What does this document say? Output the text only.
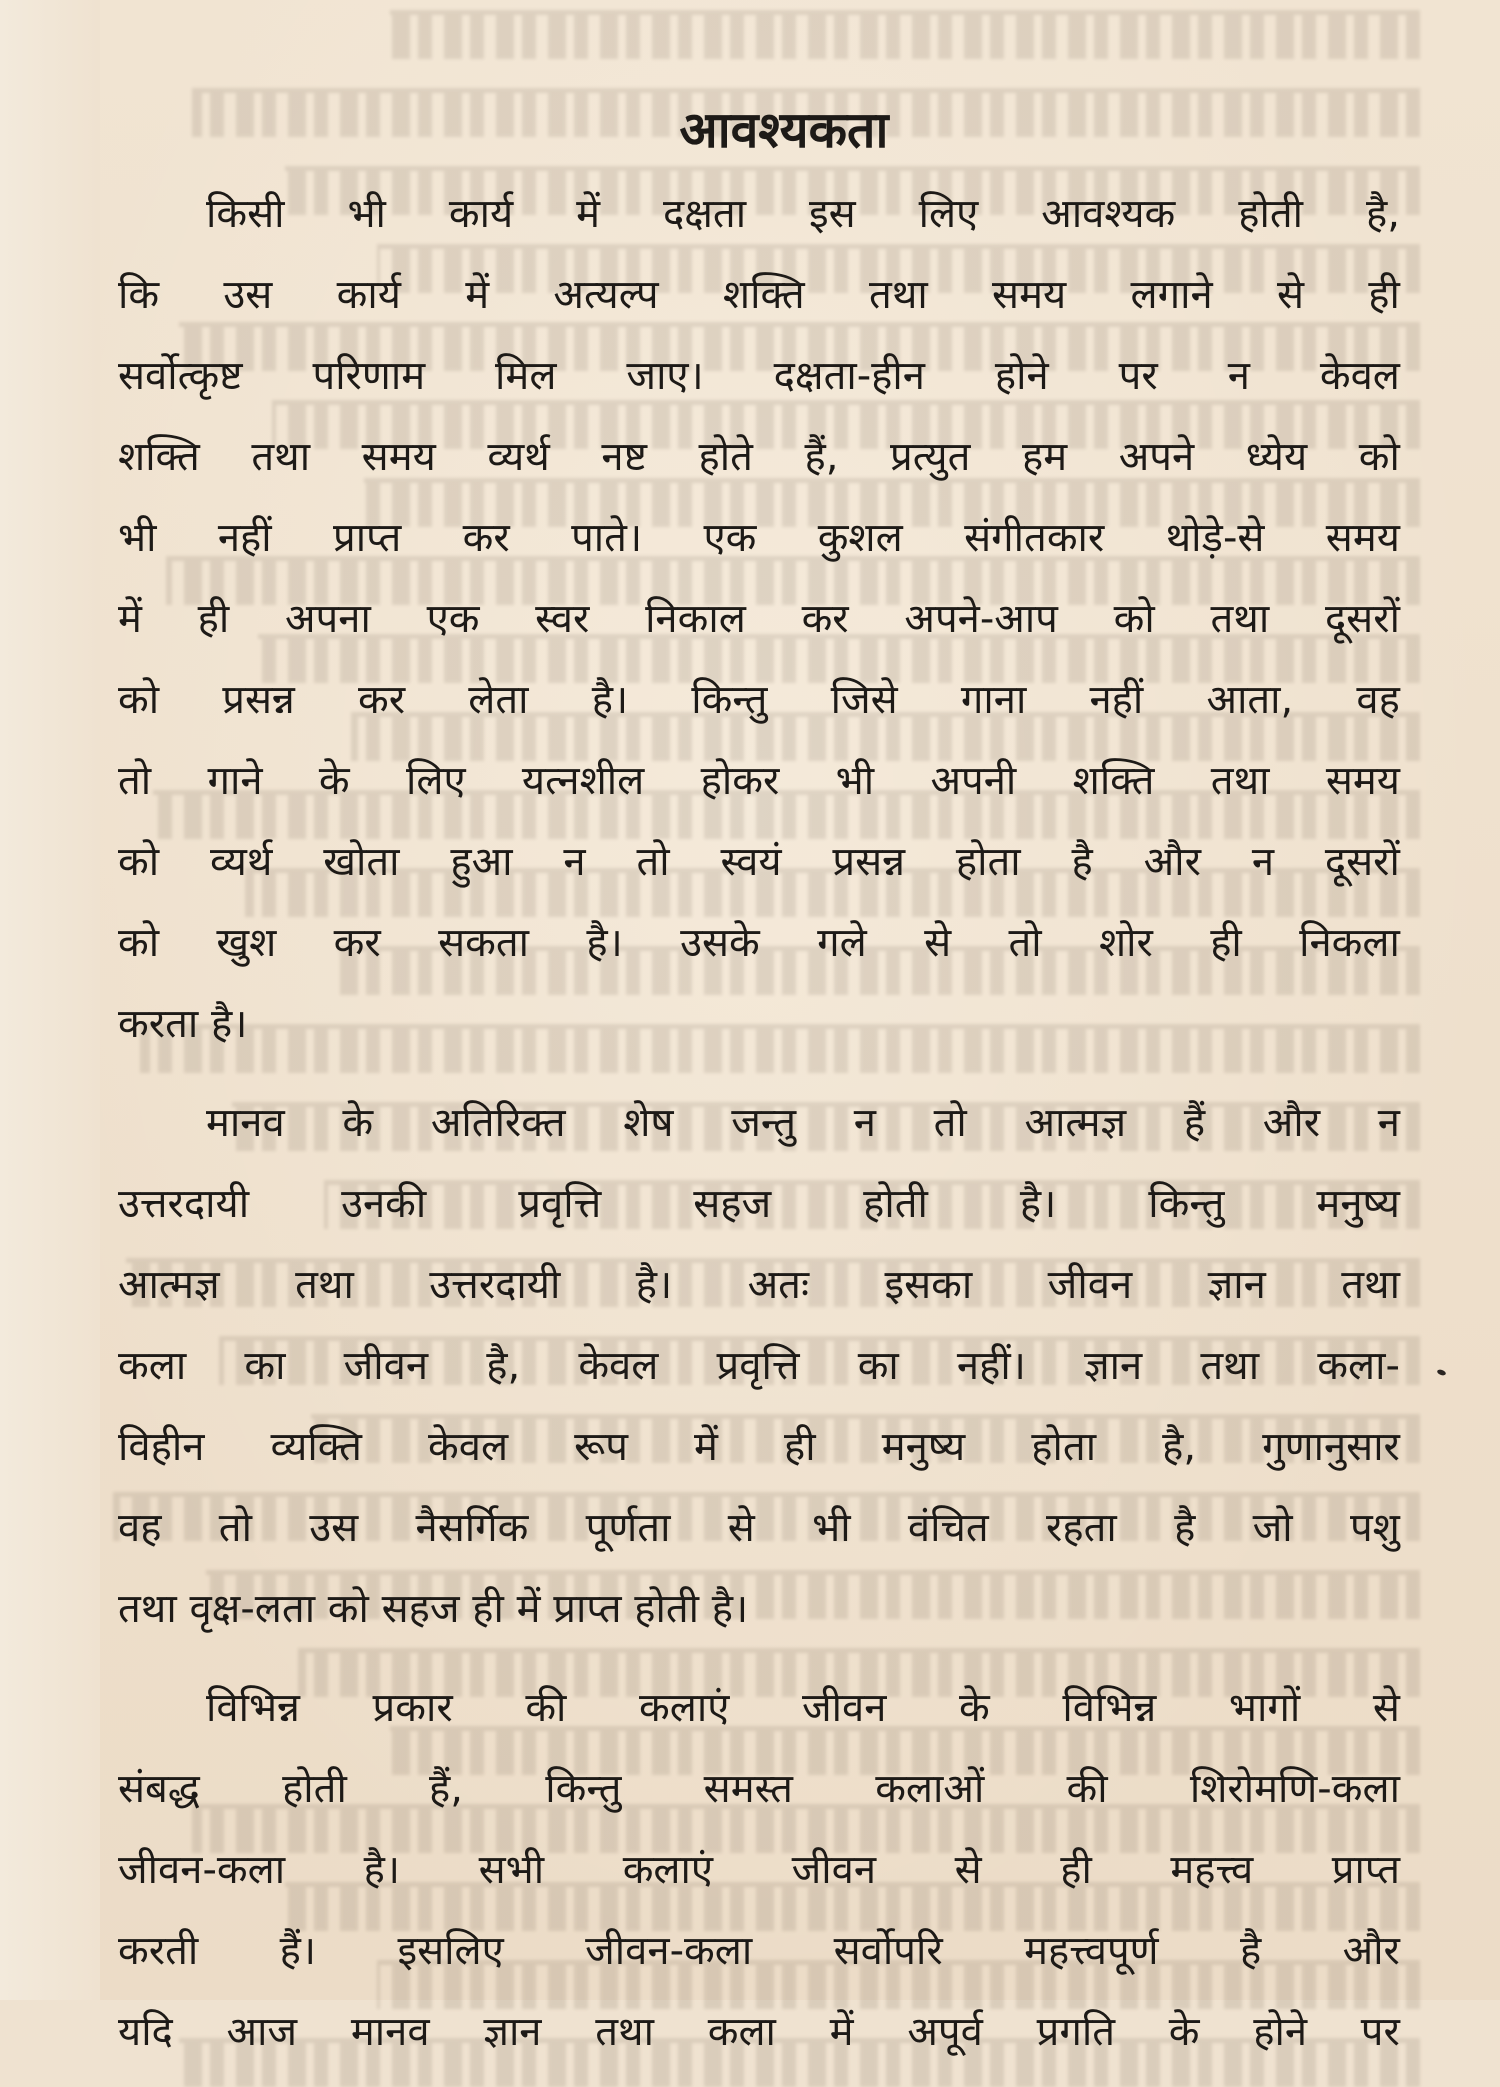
आवश्यकता
किसी भी कार्य में दक्षता इस लिए आवश्यक होती है,
कि उस कार्य में अत्यल्प शक्ति तथा समय लगाने से ही
सर्वोत्कृष्ट परिणाम मिल जाए। दक्षता-हीन होने पर न केवल
शक्ति तथा समय व्यर्थ नष्ट होते हैं, प्रत्युत हम अपने ध्येय को
भी नहीं प्राप्त कर पाते। एक कुशल संगीतकार थोड़े-से समय
में ही अपना एक स्वर निकाल कर अपने-आप को तथा दूसरों
को प्रसन्न कर लेता है। किन्तु जिसे गाना नहीं आता, वह
तो गाने के लिए यत्नशील होकर भी अपनी शक्ति तथा समय
को व्यर्थ खोता हुआ न तो स्वयं प्रसन्न होता है और न दूसरों
को खुश कर सकता है। उसके गले से तो शोर ही निकला
करता है।
मानव के अतिरिक्त शेष जन्तु न तो आत्मज्ञ हैं और न
उत्तरदायी उनकी प्रवृत्ति सहज होती है। किन्तु मनुष्य
आत्मज्ञ तथा उत्तरदायी है। अतः इसका जीवन ज्ञान तथा
कला का जीवन है, केवल प्रवृत्ति का नहीं। ज्ञान तथा कला-
विहीन व्यक्ति केवल रूप में ही मनुष्य होता है, गुणानुसार
वह तो उस नैसर्गिक पूर्णता से भी वंचित रहता है जो पशु
तथा वृक्ष-लता को सहज ही में प्राप्त होती है।
विभिन्न प्रकार की कलाएं जीवन के विभिन्न भागों से
संबद्ध होती हैं, किन्तु समस्त कलाओं की शिरोमणि-कला
जीवन-कला है। सभी कलाएं जीवन से ही महत्त्व प्राप्त
करती हैं। इसलिए जीवन-कला सर्वोपरि महत्त्वपूर्ण है और
यदि आज मानव ज्ञान तथा कला में अपूर्व प्रगति के होने पर
